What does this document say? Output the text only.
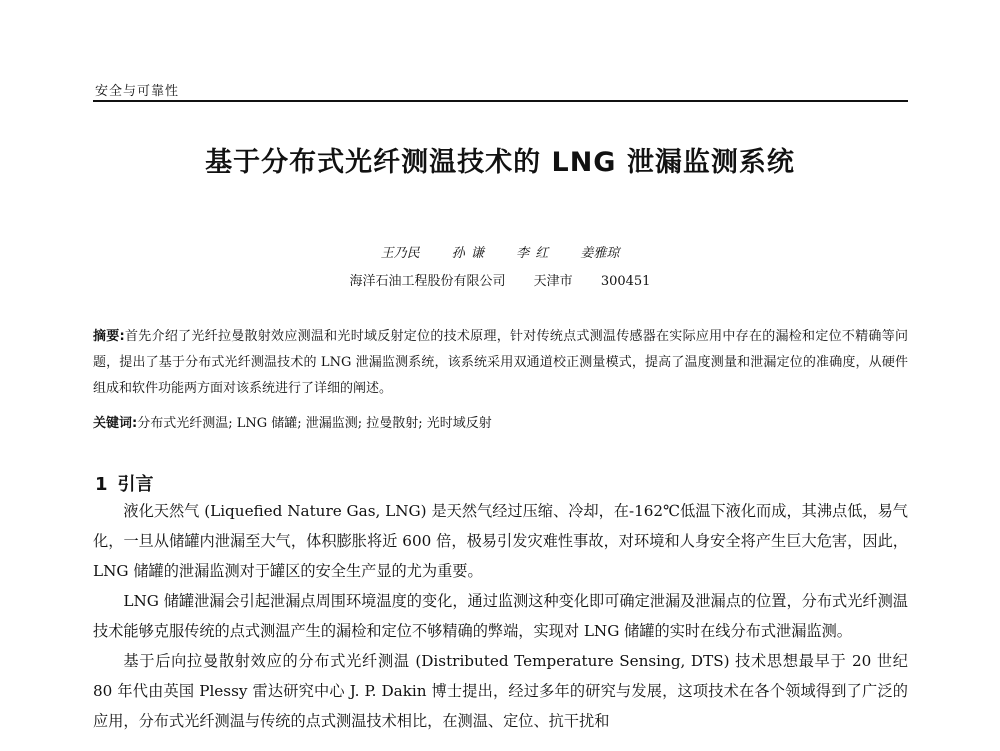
安全与可靠性
基于分布式光纤测温技术的 LNG 泄漏监测系统
王乃民 孙 谦 李 红 姜雅琼
海洋石油工程股份有限公司 天津市 300451
摘要:首先介绍了光纤拉曼散射效应测温和光时域反射定位的技术原理，针对传统点式测温传感器在实际应用中存在的漏检和定位不精确等问题，提出了基于分布式光纤测温技术的 LNG 泄漏监测系统，该系统采用双通道校正测量模式，提高了温度测量和泄漏定位的准确度，从硬件组成和软件功能两方面对该系统进行了详细的阐述。
关键词:分布式光纤测温; LNG 储罐; 泄漏监测; 拉曼散射; 光时域反射
1 引言

液化天然气 (Liquefied Nature Gas, LNG) 是天然气经过压缩、冷却，在-162℃低温下液化而成，其沸点低，易气化，一旦从储罐内泄漏至大气，体积膨胀将近 600 倍，极易引发灾难性事故，对环境和人身安全将产生巨大危害，因此，LNG 储罐的泄漏监测对于罐区的安全生产显的尤为重要。

LNG 储罐泄漏会引起泄漏点周围环境温度的变化，通过监测这种变化即可确定泄漏及泄漏点的位置，分布式光纤测温技术能够克服传统的点式测温产生的漏检和定位不够精确的弊端，实现对 LNG 储罐的实时在线分布式泄漏监测。

基于后向拉曼散射效应的分布式光纤测温 (Distributed Temperature Sensing, DTS) 技术思想最早于 20 世纪 80 年代由英国 Plessy 雷达研究中心 J. P. Dakin 博士提出，经过多年的研究与发展，这项技术在各个领域得到了广泛的应用，分布式光纤测温与传统的点式测温技术相比，在测温、定位、抗干扰和
